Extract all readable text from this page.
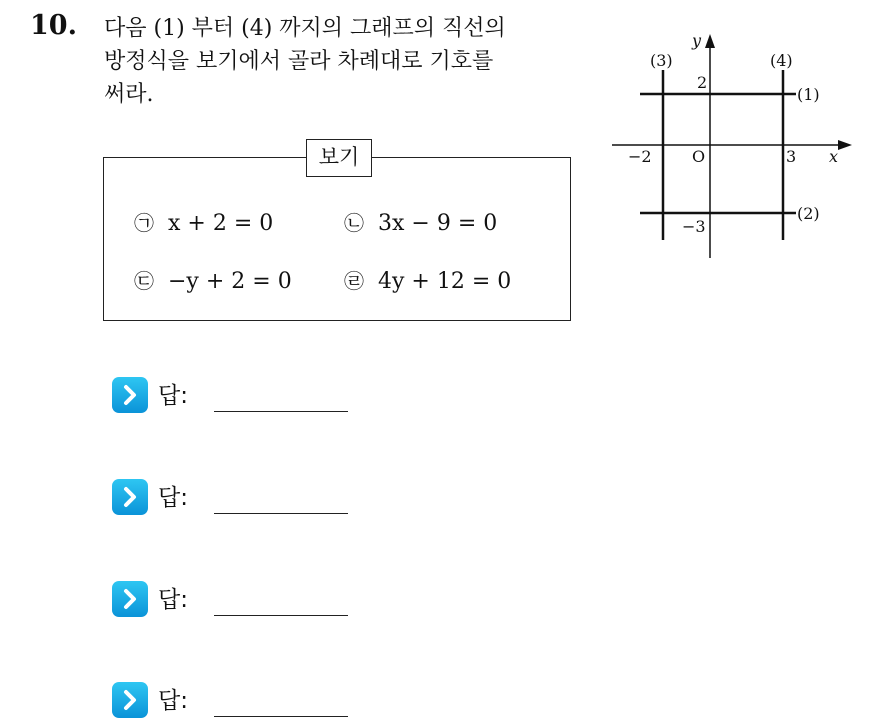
10. 다음 (1) 부터 (4) 까지의 그래프의 직선의
방정식을 보기에서 골라 차례대로 기호를
써라.
보기
㉠ x + 2 = 0	㉡ 3x − 9 = 0
㉢ −y + 2 = 0	㉣ 4y + 12 = 0
y
x
O
−2	3
2
−3
(3)	(4)
(1)
(2)
답:
답:
답:
답:
